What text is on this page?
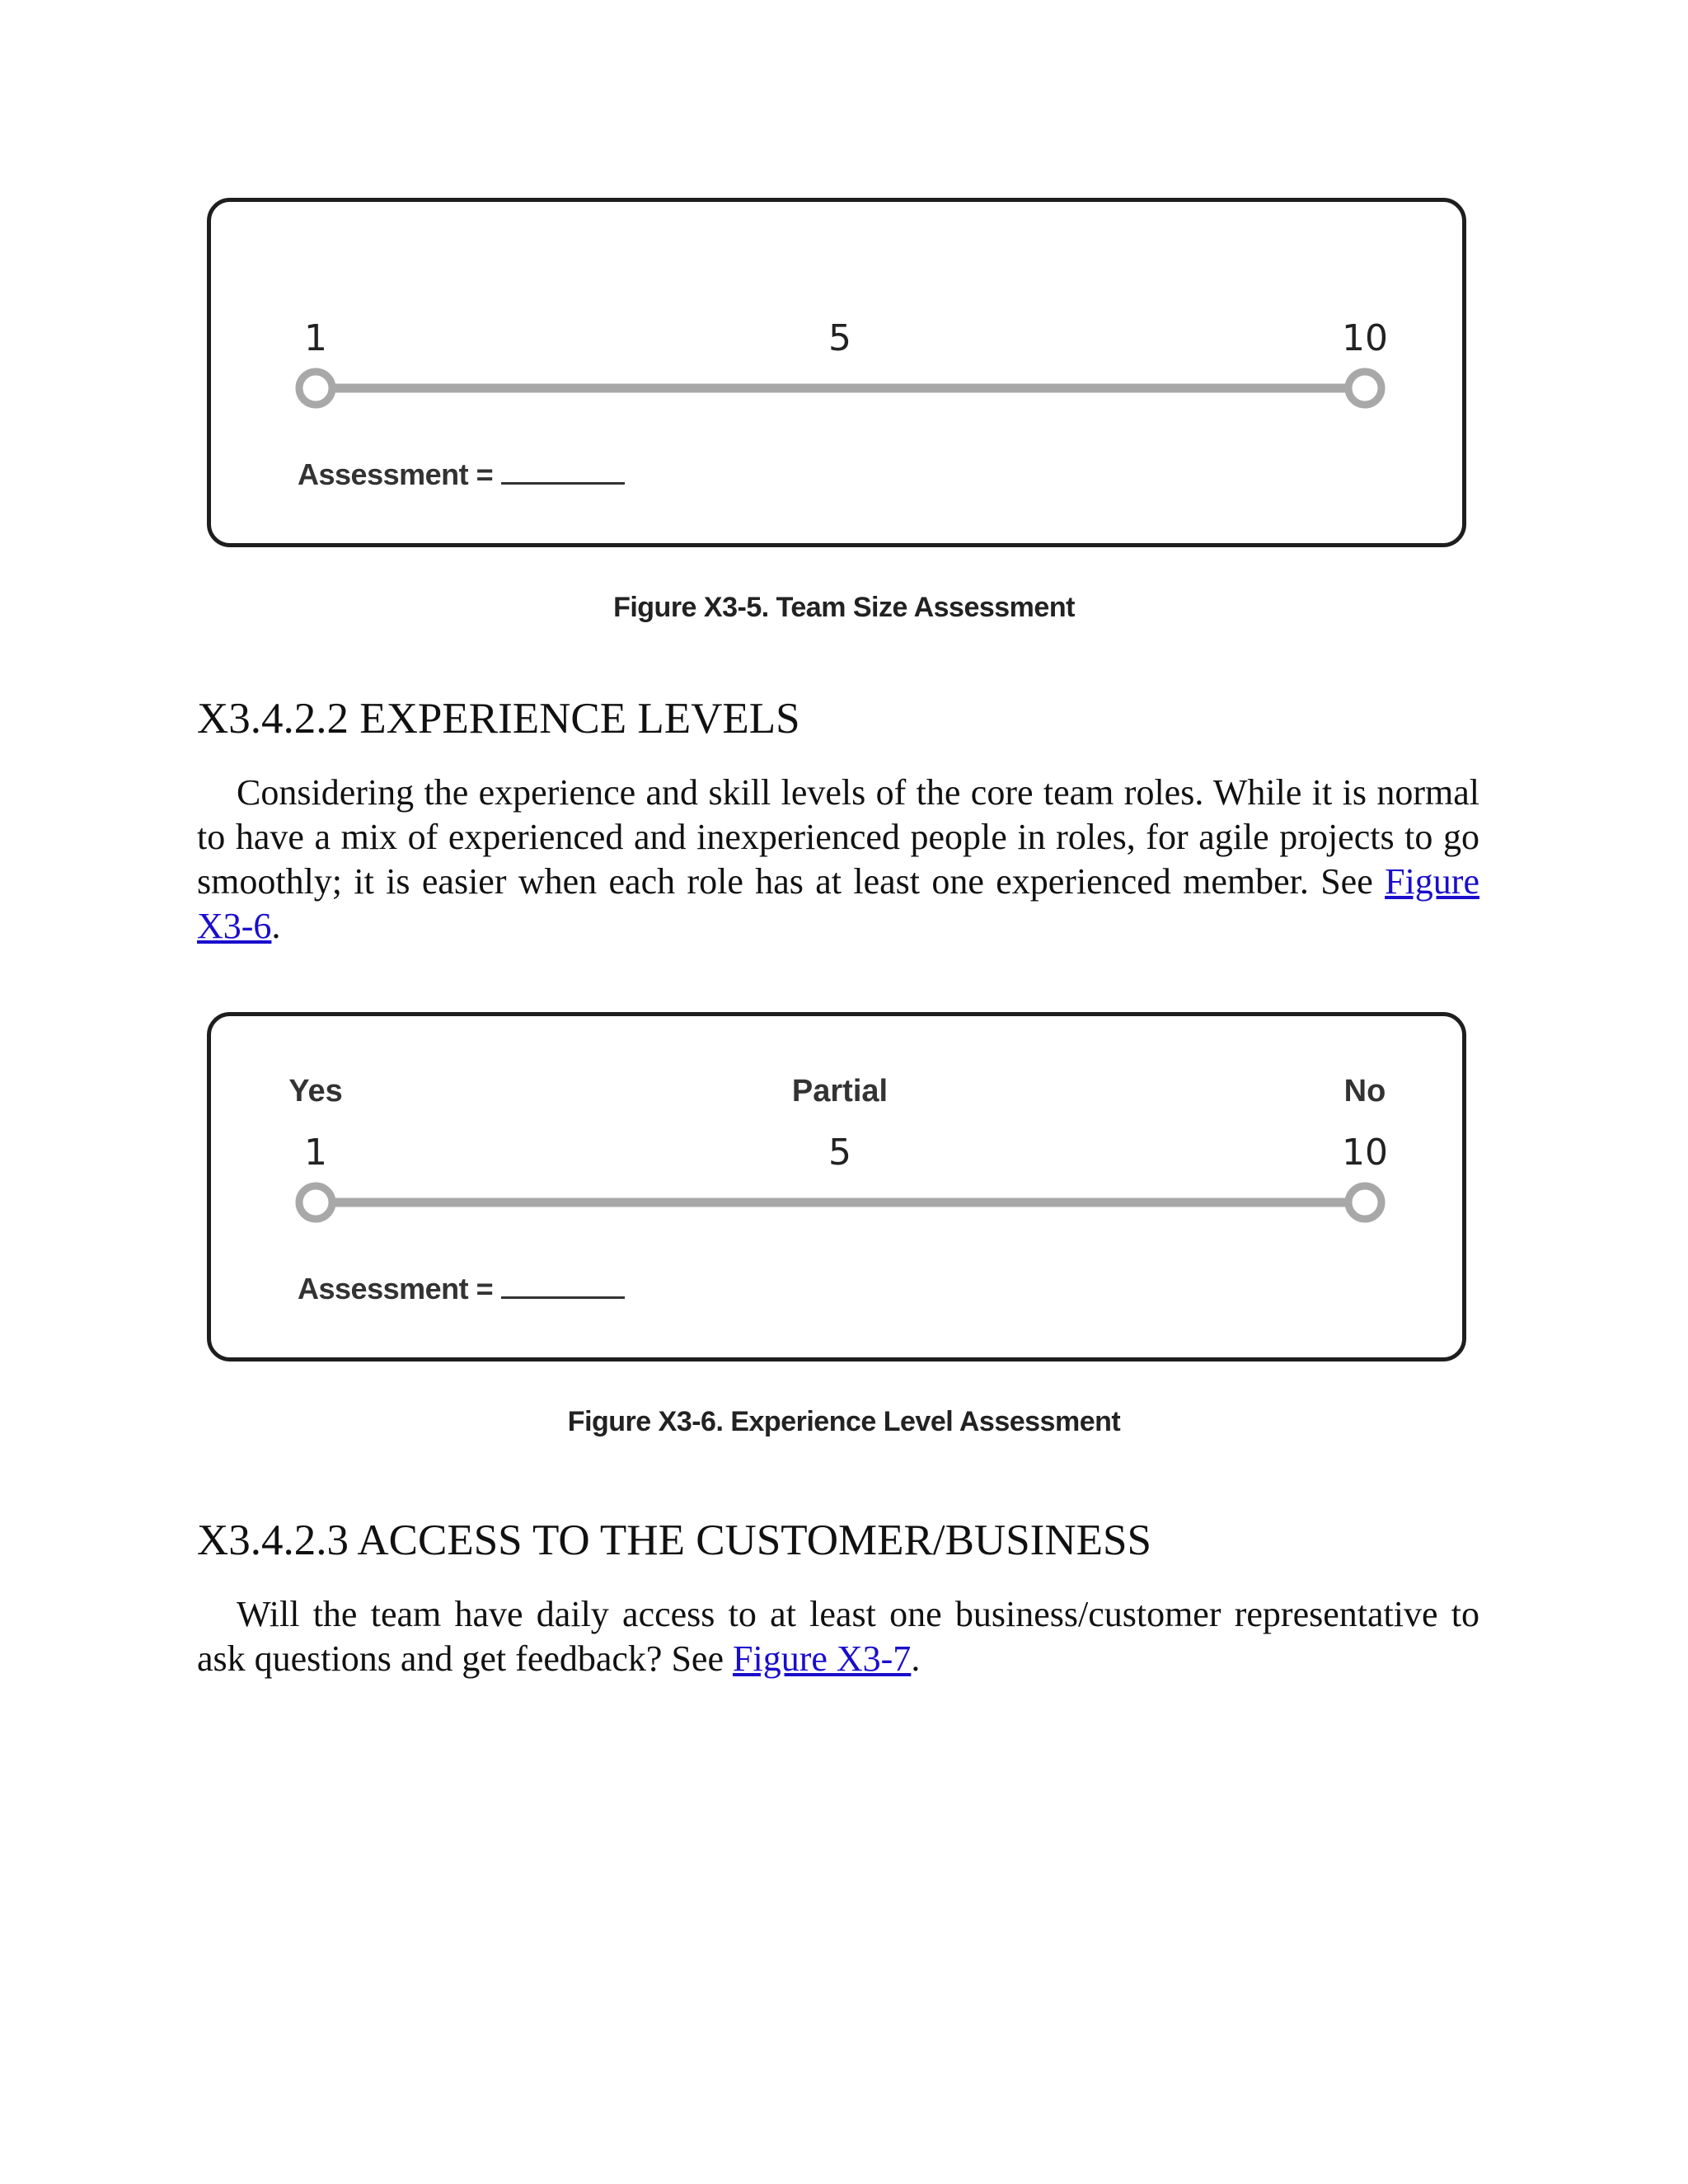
1	5	10
Assessment =
Figure X3-5. Team Size Assessment
X3.4.2.2 EXPERIENCE LEVELS

Considering the experience and skill levels of the core team roles. While it is normal to have a mix of experienced and inexperienced people in roles, for agile projects to go smoothly; it is easier when each role has at least one experienced member. See Figure X3-6.

Yes	Partial	No
1	5	10
Assessment =
Figure X3-6. Experience Level Assessment
X3.4.2.3 ACCESS TO THE CUSTOMER/BUSINESS

Will the team have daily access to at least one business/customer representative to ask questions and get feedback? See Figure X3-7.
